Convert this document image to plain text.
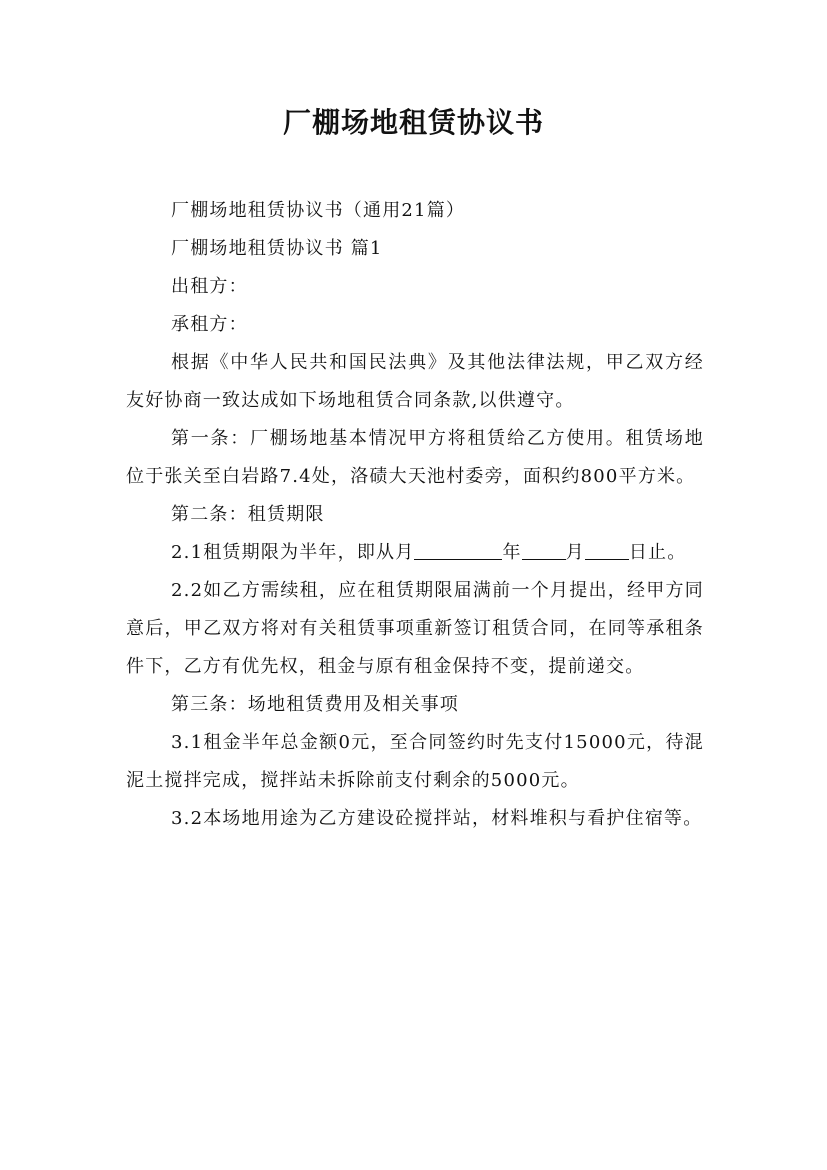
厂棚场地租赁协议书

厂棚场地租赁协议书（通用21篇）

厂棚场地租赁协议书 篇1

出租方：

承租方：

根据《中华人民共和国民法典》及其他法律法规，甲乙双方经友好协商一致达成如下场地租赁合同条款,以供遵守。

第一条：厂棚场地基本情况甲方将租赁给乙方使用。租赁场地位于张关至白岩路7.4处，洛碛大天池村委旁，面积约800平方米。

第二条：租赁期限

2.1租赁期限为半年，即从月	年 月 日止。

2.2如乙方需续租，应在租赁期限届满前一个月提出，经甲方同意后，甲乙双方将对有关租赁事项重新签订租赁合同，在同等承租条件下，乙方有优先权，租金与原有租金保持不变，提前递交。

第三条：场地租赁费用及相关事项

3.1租金半年总金额0元，至合同签约时先支付15000元，待混泥土搅拌完成，搅拌站未拆除前支付剩余的5000元。

3.2本场地用途为乙方建设砼搅拌站，材料堆积与看护住宿等。
